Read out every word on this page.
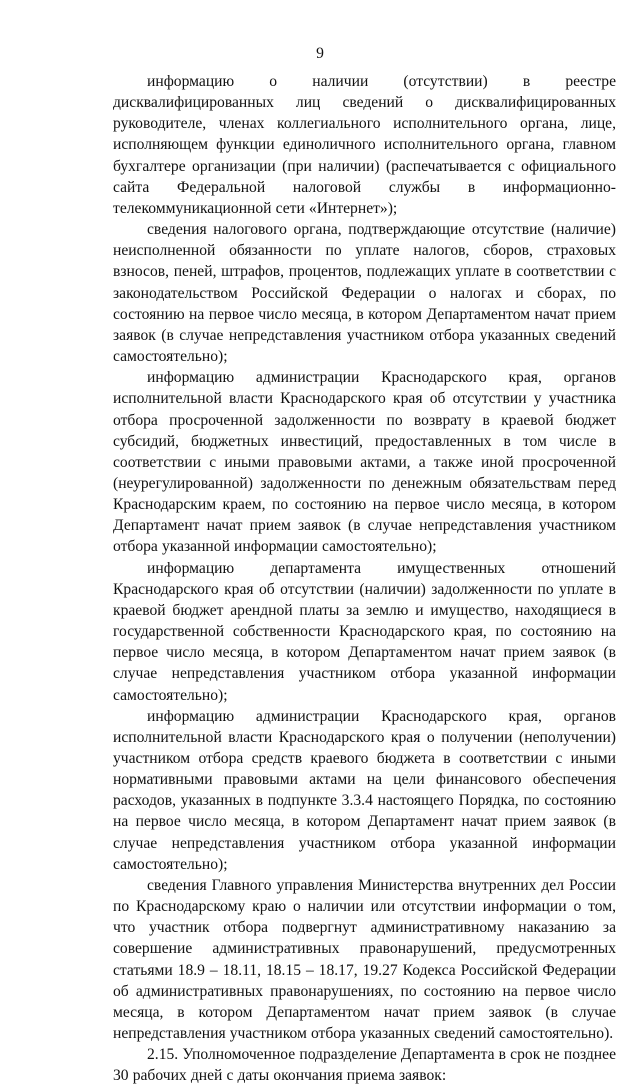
9

информацию о наличии (отсутствии) в реестре дисквалифицированных лиц сведений о дисквалифицированных руководителе, членах коллегиального исполнительного органа, лице, исполняющем функции единоличного исполнительного органа, главном бухгалтере организации (при наличии) (распечатывается с официального сайта Федеральной налоговой службы в информационно-телекоммуникационной сети «Интернет»);

сведения налогового органа, подтверждающие отсутствие (наличие) неисполненной обязанности по уплате налогов, сборов, страховых взносов, пеней, штрафов, процентов, подлежащих уплате в соответствии с законодательством Российской Федерации о налогах и сборах, по состоянию на первое число месяца, в котором Департаментом начат прием заявок (в случае непредставления участником отбора указанных сведений самостоятельно);

информацию администрации Краснодарского края, органов исполнительной власти Краснодарского края об отсутствии у участника отбора просроченной задолженности по возврату в краевой бюджет субсидий, бюджетных инвестиций, предоставленных в том числе в соответствии с иными правовыми актами, а также иной просроченной (неурегулированной) задолженности по денежным обязательствам перед Краснодарским краем, по состоянию на первое число месяца, в котором Департамент начат прием заявок (в случае непредставления участником отбора указанной информации самостоятельно);

информацию департамента имущественных отношений Краснодарского края об отсутствии (наличии) задолженности по уплате в краевой бюджет арендной платы за землю и имущество, находящиеся в государственной собственности Краснодарского края, по состоянию на первое число месяца, в котором Департаментом начат прием заявок (в случае непредставления участником отбора указанной информации самостоятельно);

информацию администрации Краснодарского края, органов исполнительной власти Краснодарского края о получении (неполучении) участником отбора средств краевого бюджета в соответствии с иными нормативными правовыми актами на цели финансового обеспечения расходов, указанных в подпункте 3.3.4 настоящего Порядка, по состоянию на первое число месяца, в котором Департамент начат прием заявок (в случае непредставления участником отбора указанной информации самостоятельно);

сведения Главного управления Министерства внутренних дел России по Краснодарскому краю о наличии или отсутствии информации о том, что участник отбора подвергнут административному наказанию за совершение административных правонарушений, предусмотренных статьями 18.9 – 18.11, 18.15 – 18.17, 19.27 Кодекса Российской Федерации об административных правонарушениях, по состоянию на первое число месяца, в котором Департаментом начат прием заявок (в случае непредставления участником отбора указанных сведений самостоятельно).

2.15. Уполномоченное подразделение Департамента в срок не позднее 30 рабочих дней с даты окончания приема заявок:
